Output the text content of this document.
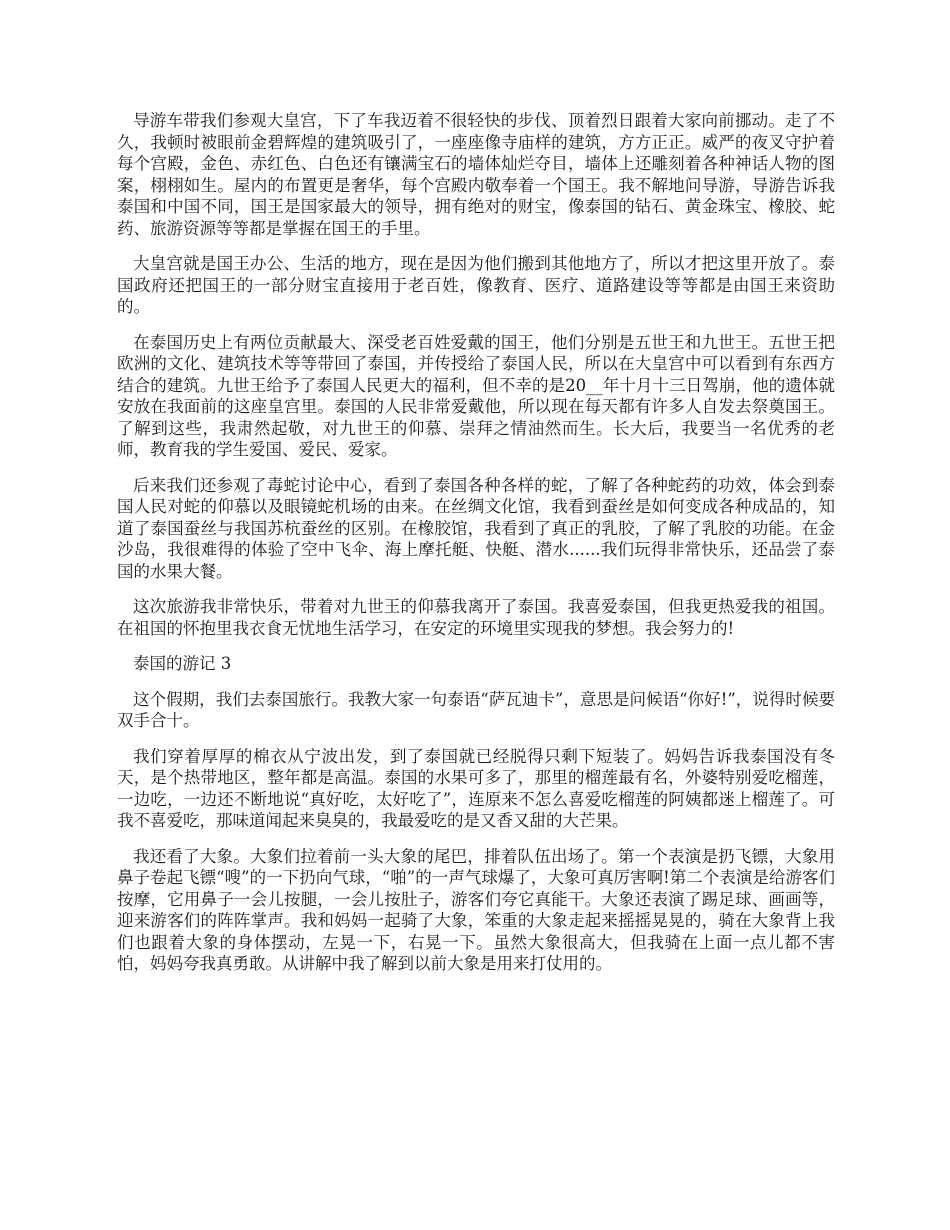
导游车带我们参观大皇宫，下了车我迈着不很轻快的步伐、顶着烈日跟着大家向前挪动。走了不久，我顿时被眼前金碧辉煌的建筑吸引了，一座座像寺庙样的建筑，方方正正。威严的夜叉守护着每个宫殿，金色、赤红色、白色还有镶满宝石的墙体灿烂夺目，墙体上还雕刻着各种神话人物的图案，栩栩如生。屋内的布置更是奢华，每个宫殿内敬奉着一个国王。我不解地问导游，导游告诉我泰国和中国不同，国王是国家最大的领导，拥有绝对的财宝，像泰国的钻石、黄金珠宝、橡胶、蛇药、旅游资源等等都是掌握在国王的手里。

大皇宫就是国王办公、生活的地方，现在是因为他们搬到其他地方了，所以才把这里开放了。泰国政府还把国王的一部分财宝直接用于老百姓，像教育、医疗、道路建设等等都是由国王来资助的。

在泰国历史上有两位贡献最大、深受老百姓爱戴的国王，他们分别是五世王和九世王。五世王把欧洲的文化、建筑技术等等带回了泰国，并传授给了泰国人民，所以在大皇宫中可以看到有东西方结合的建筑。九世王给予了泰国人民更大的福利，但不幸的是20__年十月十三日驾崩，他的遗体就安放在我面前的这座皇宫里。泰国的人民非常爱戴他，所以现在每天都有许多人自发去祭奠国王。了解到这些，我肃然起敬，对九世王的仰慕、崇拜之情油然而生。长大后，我要当一名优秀的老师，教育我的学生爱国、爱民、爱家。

后来我们还参观了毒蛇讨论中心，看到了泰国各种各样的蛇，了解了各种蛇药的功效，体会到泰国人民对蛇的仰慕以及眼镜蛇机场的由来。在丝绸文化馆，我看到蚕丝是如何变成各种成品的，知道了泰国蚕丝与我国苏杭蚕丝的区别。在橡胶馆，我看到了真正的乳胶，了解了乳胶的功能。在金沙岛，我很难得的体验了空中飞伞、海上摩托艇、快艇、潜水......我们玩得非常快乐，还品尝了泰国的水果大餐。

这次旅游我非常快乐，带着对九世王的仰慕我离开了泰国。我喜爱泰国，但我更热爱我的祖国。在祖国的怀抱里我衣食无忧地生活学习，在安定的环境里实现我的梦想。我会努力的!

泰国的游记 3

这个假期，我们去泰国旅行。我教大家一句泰语“萨瓦迪卡”，意思是问候语“你好!”，说得时候要双手合十。

我们穿着厚厚的棉衣从宁波出发，到了泰国就已经脱得只剩下短装了。妈妈告诉我泰国没有冬天，是个热带地区，整年都是高温。泰国的水果可多了，那里的榴莲最有名，外婆特别爱吃榴莲，一边吃，一边还不断地说“真好吃，太好吃了”，连原来不怎么喜爱吃榴莲的阿姨都迷上榴莲了。可我不喜爱吃，那味道闻起来臭臭的，我最爱吃的是又香又甜的大芒果。

我还看了大象。大象们拉着前一头大象的尾巴，排着队伍出场了。第一个表演是扔飞镖，大象用鼻子卷起飞镖“嗖”的一下扔向气球，“啪”的一声气球爆了，大象可真厉害啊!第二个表演是给游客们按摩，它用鼻子一会儿按腿，一会儿按肚子，游客们夸它真能干。大象还表演了踢足球、画画等，迎来游客们的阵阵掌声。我和妈妈一起骑了大象，笨重的大象走起来摇摇晃晃的，骑在大象背上我们也跟着大象的身体摆动，左晃一下，右晃一下。虽然大象很高大，但我骑在上面一点儿都不害怕，妈妈夸我真勇敢。从讲解中我了解到以前大象是用来打仗用的。
